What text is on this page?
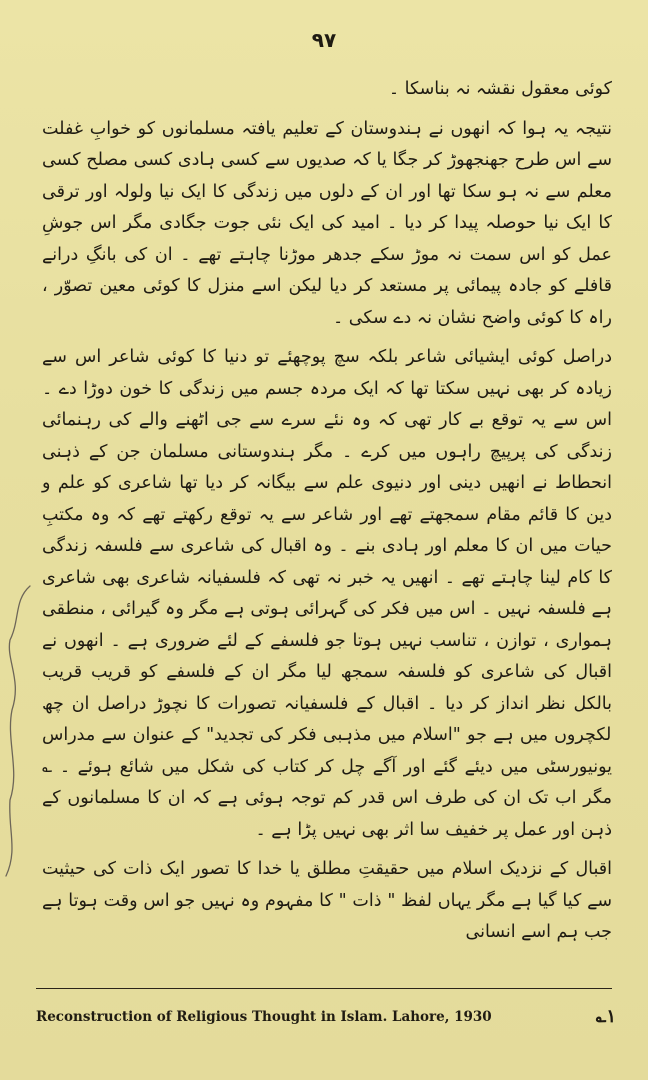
۹۷

کوئی معقول نقشہ نہ بناسکا ۔

نتیجہ یہ ہوا کہ انھوں نے ہندوستان کے تعلیم یافتہ مسلمانوں کو خوابِ غفلت سے اس طرح جھنجھوڑ کر جگا یا کہ صدیوں سے کسی ہادی کسی مصلح کسی معلم سے نہ ہو سکا تھا اور ان کے دلوں میں زندگی کا ایک نیا ولولہ اور ترقی کا ایک نیا حوصلہ پیدا کر دیا ۔ امید کی ایک نئی جوت جگادی مگر اس جوشِ عمل کو اس سمت نہ موڑ سکے جدھر موڑنا چاہتے تھے ۔ ان کی بانگِ درانے قافلے کو جادہ پیمائی پر مستعد کر دیا لیکن اسے منزل کا کوئی معین تصوّر ، راہ کا کوئی واضح نشان نہ دے سکی ۔

دراصل کوئی ایشیائی شاعر بلکہ سچ پوچھئے تو دنیا کا کوئی شاعر اس سے زیادہ کر بھی نہیں سکتا تھا کہ ایک مردہ جسم میں زندگی کا خون دوڑا دے ۔ اس سے یہ توقع بے کار تھی کہ وہ نئے سرے سے جی اٹھنے والے کی رہنمائی زندگی کی پرپیچ راہوں میں کرے ۔ مگر ہندوستانی مسلمان جن کے ذہنی انحطاط نے انھیں دینی اور دنیوی علم سے بیگانہ کر دیا تھا شاعری کو علم و دین کا قائم مقام سمجھتے تھے اور شاعر سے یہ توقع رکھتے تھے کہ وہ مکتبِ حیات میں ان کا معلم اور ہادی بنے ۔ وہ اقبال کی شاعری سے فلسفہ زندگی کا کام لینا چاہتے تھے ۔ انھیں یہ خبر نہ تھی کہ فلسفیانہ شاعری بھی شاعری ہے فلسفہ نہیں ۔ اس میں فکر کی گہرائی ہوتی ہے مگر وہ گیرائی ، منطقی ہمواری ، توازن ، تناسب نہیں ہوتا جو فلسفے کے لئے ضروری ہے ۔ انھوں نے اقبال کی شاعری کو فلسفہ سمجھ لیا مگر ان کے فلسفے کو قریب قریب بالکل نظر انداز کر دیا ۔ اقبال کے فلسفیانہ تصورات کا نچوڑ دراصل ان چھ لکچروں میں ہے جو "اسلام میں مذہبی فکر کی تجدید" کے عنوان سے مدراس یونیورسٹی میں دیئے گئے اور آگے چل کر کتاب کی شکل میں شائع ہوئے ۔ ؎ مگر اب تک ان کی طرف اس قدر کم توجہ ہوئی ہے کہ ان کا مسلمانوں کے ذہن اور عمل پر خفیف سا اثر بھی نہیں پڑا ہے ۔

اقبال کے نزدیک اسلام میں حقیقتِ مطلق یا خدا کا تصور ایک ذات کی حیثیت سے کیا گیا ہے مگر یہاں لفظ " ذات " کا مفہوم وہ نہیں جو اس وقت ہوتا ہے جب ہم اسے انسانی

Reconstruction of Religious Thought in Islam. Lahore, 1930	۱؎
